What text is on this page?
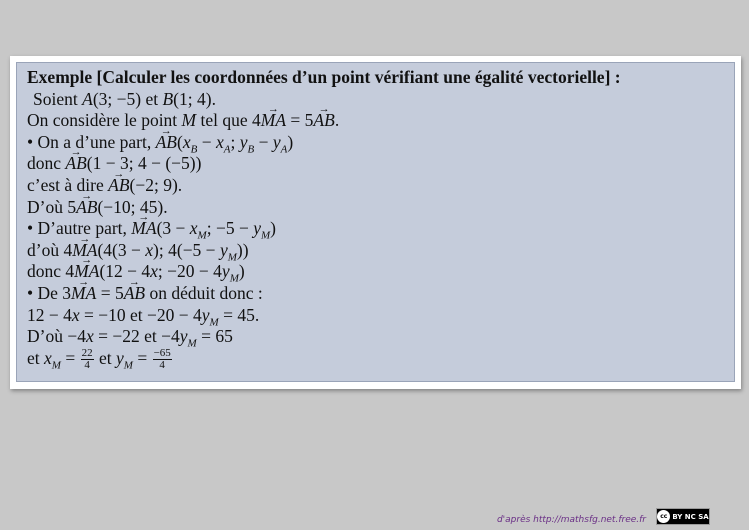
Exemple [Calculer les coordonnées d’un point vérifiant une égalité vectorielle] :
Soient A(3; −5) et B(1; 4).
On considère le point M tel que 4→ MA = 5→ AB.
• On a d’une part, → $AB(x_B - x_A$; $y_B - y_A$)
donc → AB(1 − 3; 4 − (−5))
c’est à dire → AB(−2; 9).
D’où 5→ AB(−10; 45).
• D’autre part, → $MA(3 - x_M$; $-5 - y_M$)
d’où 4→ MA(4(3 − x); $4(-5 - y_M)$)
donc 4→ MA(12 − 4x; $-20 - 4y_M$)
• De 3→ MA = 5→ AB on déduit donc :
12 − 4x = −10 et $-20 - 4y_M = 45$.
D’où −4x = −22 et $-4y_M = 65$
et $x_M = \frac{22}{4}$ et $y_M = \frac{-65}{4}$
d'après http://mathsfg.net.free.fr	cc BY NC SA
